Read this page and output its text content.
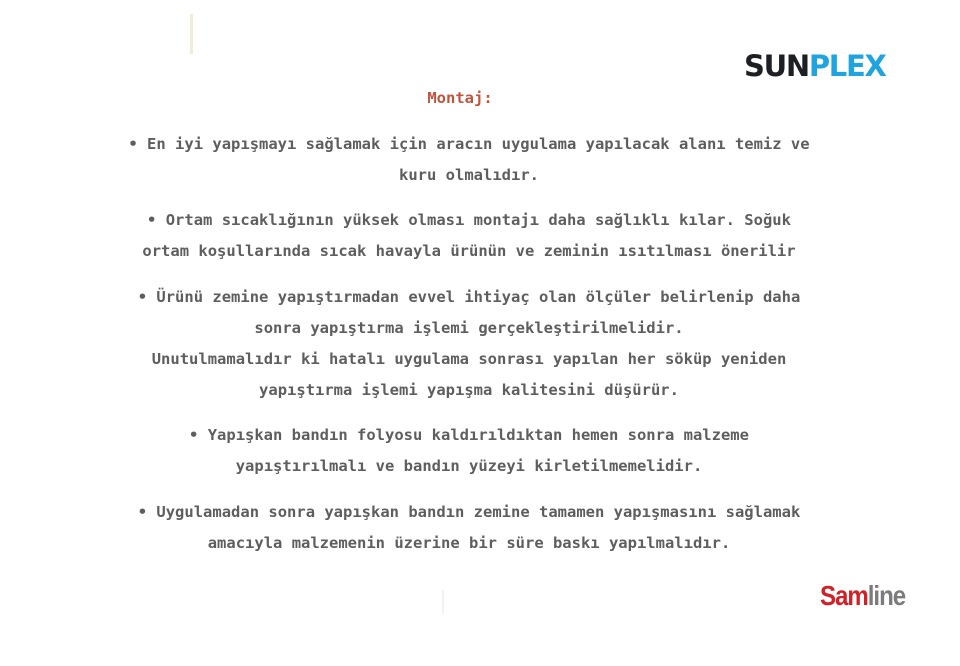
SUN PLEX
Montaj:
• En iyi yapışmayı sağlamak için aracın uygulama yapılacak alanı temiz ve
kuru olmalıdır.
• Ortam sıcaklığının yüksek olması montajı daha sağlıklı kılar. Soğuk
ortam koşullarında sıcak havayla ürünün ve zeminin ısıtılması önerilir
• Ürünü zemine yapıştırmadan evvel ihtiyaç olan ölçüler belirlenip daha
sonra yapıştırma işlemi gerçekleştirilmelidir.
Unutulmamalıdır ki hatalı uygulama sonrası yapılan her söküp yeniden
yapıştırma işlemi yapışma kalitesini düşürür.
• Yapışkan bandın folyosu kaldırıldıktan hemen sonra malzeme
yapıştırılmalı ve bandın yüzeyi kirletilmemelidir.
• Uygulamadan sonra yapışkan bandın zemine tamamen yapışmasını sağlamak
amacıyla malzemenin üzerine bir süre baskı yapılmalıdır.
Sam line
